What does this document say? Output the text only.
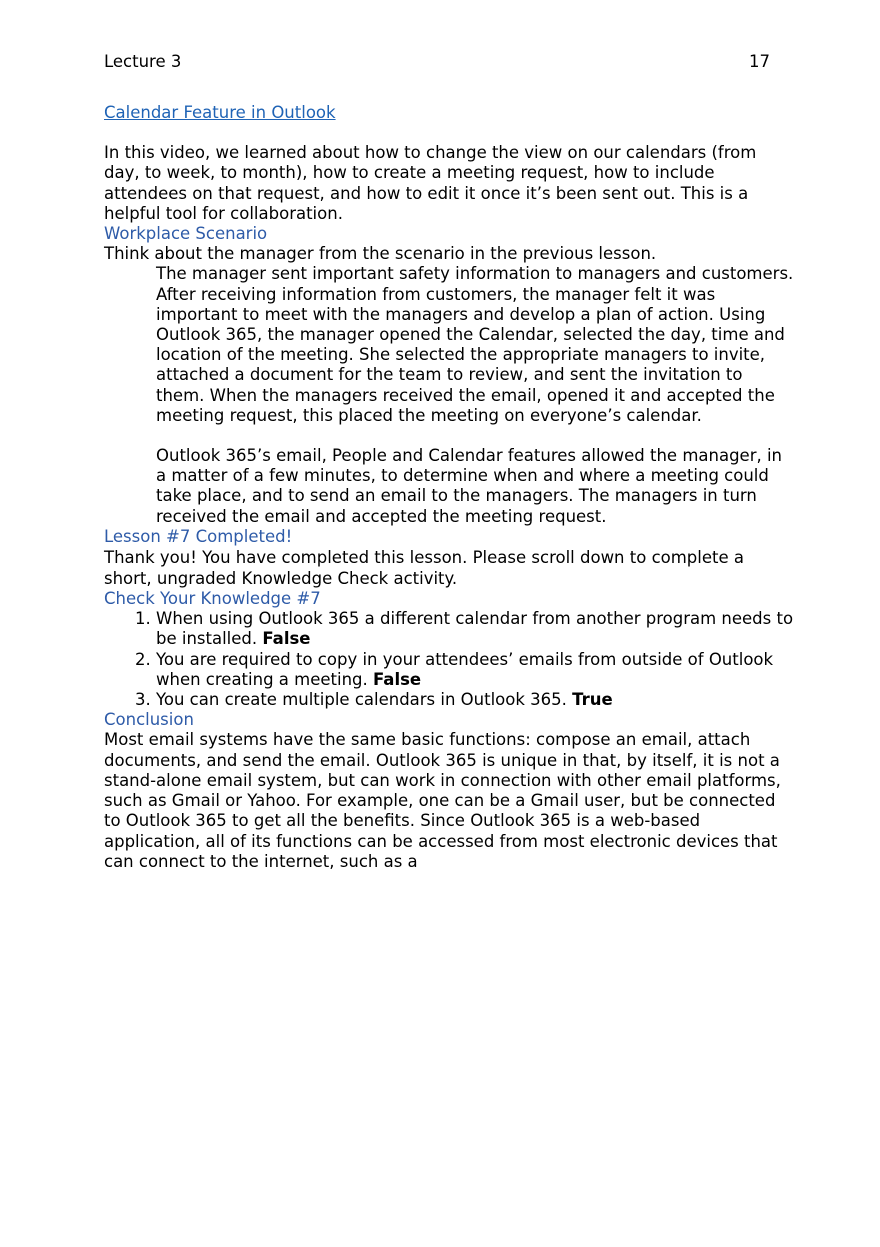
Lecture 3	17
Calendar Feature in Outlook

In this video, we learned about how to change the view on our calendars (from day, to week, to month), how to create a meeting request, how to include attendees on that request, and how to edit it once it’s been sent out. This is a helpful tool for collaboration.

Workplace Scenario

Think about the manager from the scenario in the previous lesson.

The manager sent important safety information to managers and customers. After receiving information from customers, the manager felt it was important to meet with the managers and develop a plan of action. Using Outlook 365, the manager opened the Calendar, selected the day, time and location of the meeting. She selected the appropriate managers to invite, attached a document for the team to review, and sent the invitation to them. When the managers received the email, opened it and accepted the meeting request, this placed the meeting on everyone’s calendar.

Outlook 365’s email, People and Calendar features allowed the manager, in a matter of a few minutes, to determine when and where a meeting could take place, and to send an email to the managers. The managers in turn received the email and accepted the meeting request.

Lesson #7 Completed!

Thank you! You have completed this lesson. Please scroll down to complete a short, ungraded Knowledge Check activity.

Check Your Knowledge #7
1. When using Outlook 365 a different calendar from another program needs to be installed. False
2. You are required to copy in your attendees’ emails from outside of Outlook when creating a meeting. False
3. You can create multiple calendars in Outlook 365. True
Conclusion

Most email systems have the same basic functions: compose an email, attach documents, and send the email. Outlook 365 is unique in that, by itself, it is not a stand-alone email system, but can work in connection with other email platforms, such as Gmail or Yahoo. For example, one can be a Gmail user, but be connected to Outlook 365 to get all the benefits. Since Outlook 365 is a web-based application, all of its functions can be accessed from most electronic devices that can connect to the internet, such as a
